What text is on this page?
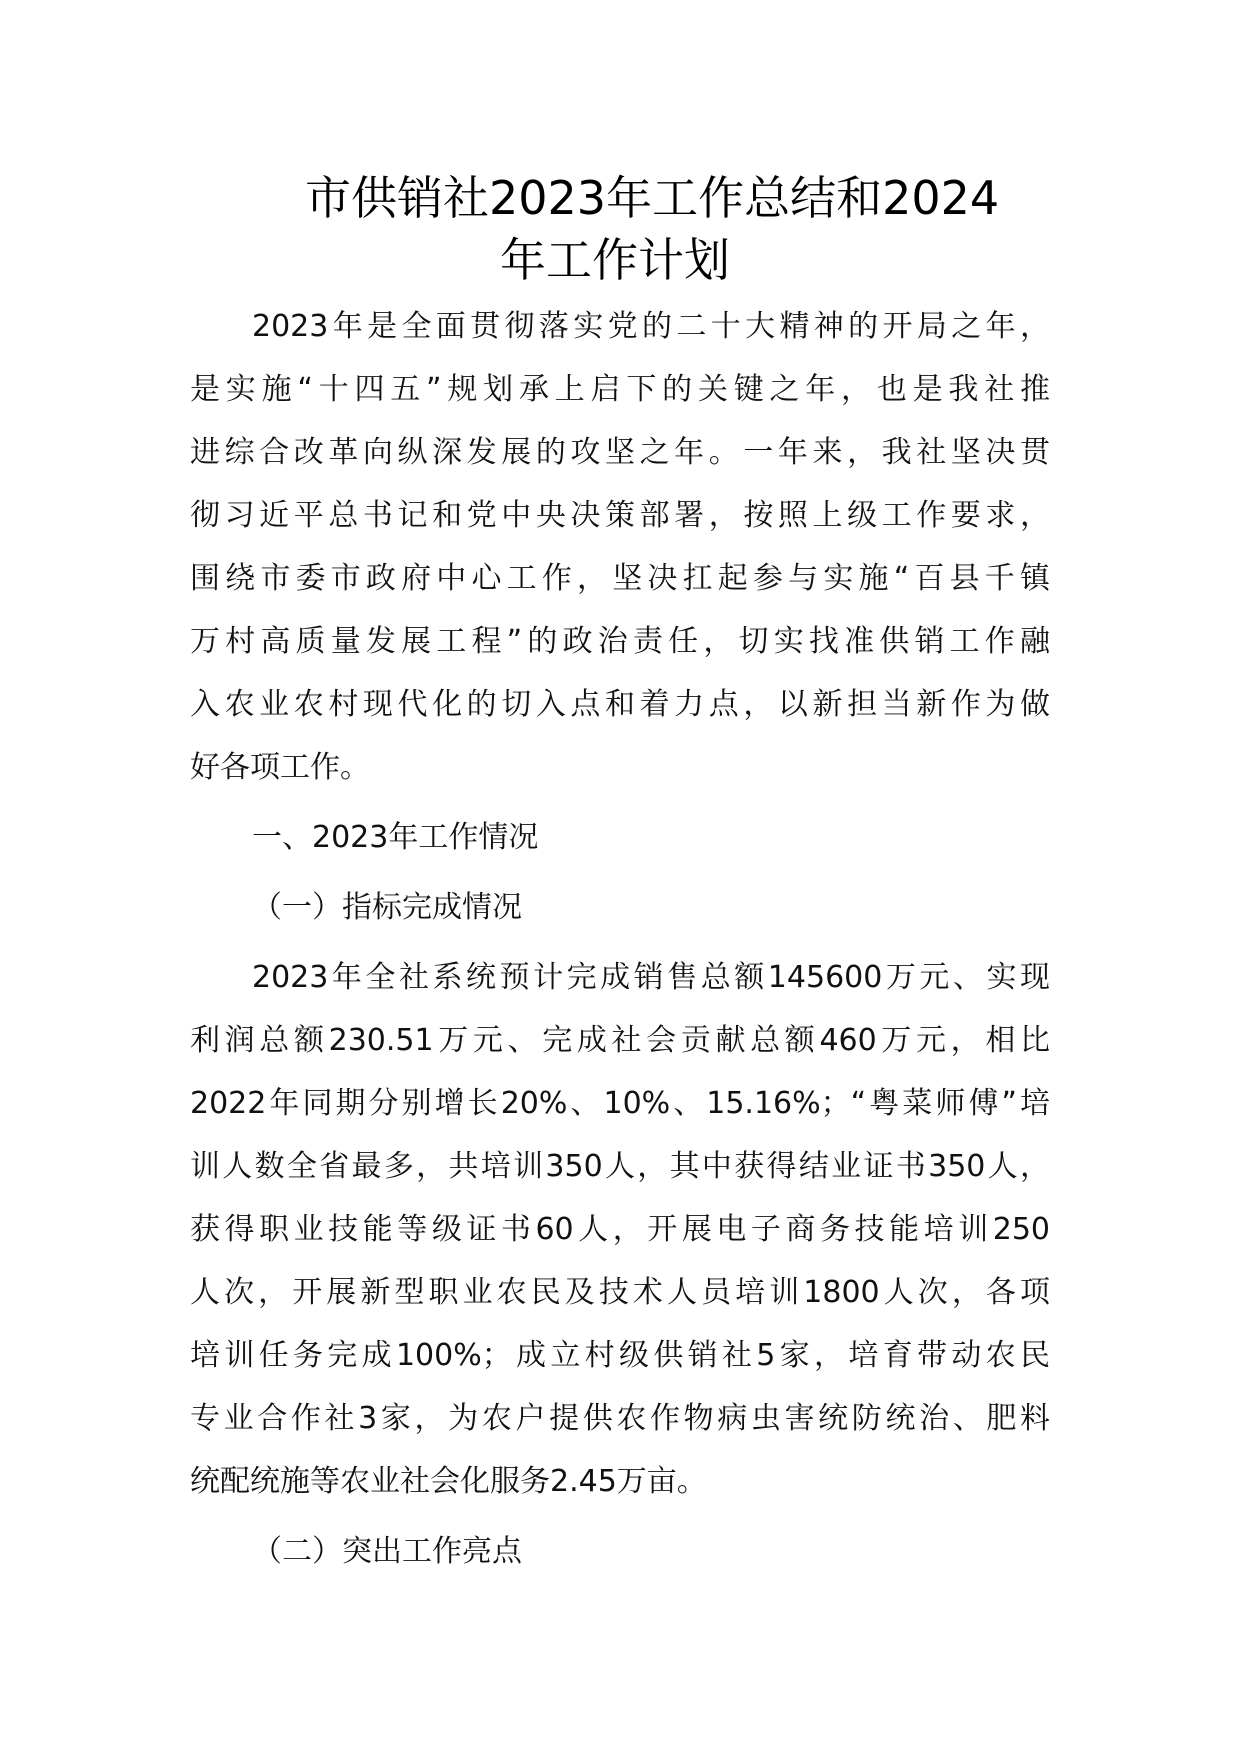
市供销社2023年工作总结和2024
年工作计划
2023年是全面贯彻落实党的二十大精神的开局之年，
是实施“十四五”规划承上启下的关键之年，也是我社推
进综合改革向纵深发展的攻坚之年。一年来，我社坚决贯
彻习近平总书记和党中央决策部署，按照上级工作要求，
围绕市委市政府中心工作，坚决扛起参与实施“百县千镇
万村高质量发展工程”的政治责任，切实找准供销工作融
入农业农村现代化的切入点和着力点，以新担当新作为做
好各项工作。
一、2023年工作情况
（一）指标完成情况
2023年全社系统预计完成销售总额145600万元、实现
利润总额230.51万元、完成社会贡献总额460万元，相比
2022年同期分别增长20%、10%、15.16%；“粤菜师傅”培
训人数全省最多，共培训350人，其中获得结业证书350人，
获得职业技能等级证书60人，开展电子商务技能培训250
人次，开展新型职业农民及技术人员培训1800人次，各项
培训任务完成100%；成立村级供销社5家，培育带动农民
专业合作社3家，为农户提供农作物病虫害统防统治、肥料
统配统施等农业社会化服务2.45万亩。
（二）突出工作亮点
